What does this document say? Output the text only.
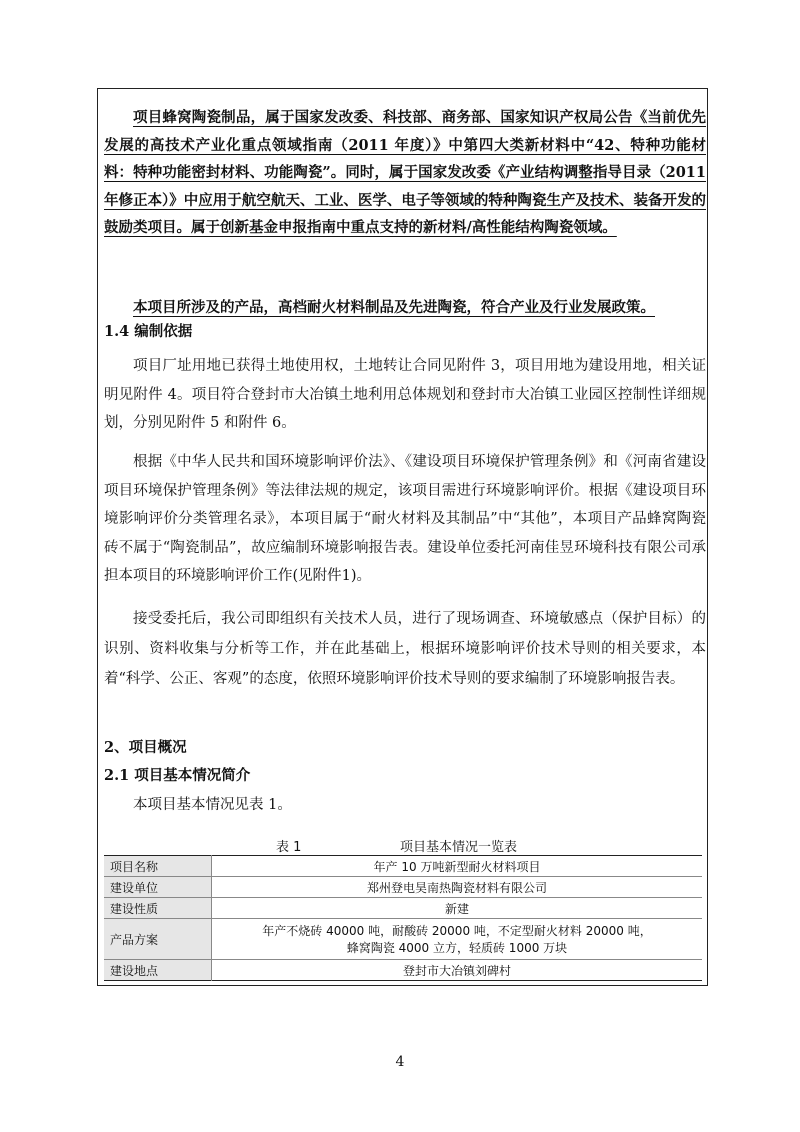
项目蜂窝陶瓷制品，属于国家发改委、科技部、商务部、国家知识产权局公告《当前优先发展的高技术产业化重点领域指南（2011 年度）》中第四大类新材料中“42、特种功能材料：特种功能密封材料、功能陶瓷”。同时，属于国家发改委《产业结构调整指导目录（2011 年修正本）》中应用于航空航天、工业、医学、电子等领域的特种陶瓷生产及技术、装备开发的鼓励类项目。属于创新基金申报指南中重点支持的新材料/高性能结构陶瓷领域。

本项目所涉及的产品，高档耐火材料制品及先进陶瓷，符合产业及行业发展政策。

1.4 编制依据

项目厂址用地已获得土地使用权，土地转让合同见附件 3，项目用地为建设用地，相关证明见附件 4。项目符合登封市大冶镇土地利用总体规划和登封市大冶镇工业园区控制性详细规划，分别见附件 5 和附件 6。

根据《中华人民共和国环境影响评价法》、《建设项目环境保护管理条例》和《河南省建设项目环境保护管理条例》等法律法规的规定，该项目需进行环境影响评价。根据《建设项目环境影响评价分类管理名录》，本项目属于“耐火材料及其制品”中“其他”，本项目产品蜂窝陶瓷砖不属于“陶瓷制品”，故应编制环境影响报告表。建设单位委托河南佳昱环境科技有限公司承担本项目的环境影响评价工作(见附件1)。

接受委托后，我公司即组织有关技术人员，进行了现场调查、环境敏感点（保护目标）的识别、资料收集与分析等工作，并在此基础上，根据环境影响评价技术导则的相关要求，本着“科学、公正、客观”的态度，依照环境影响评价技术导则的要求编制了环境影响报告表。

2、项目概况
2.1 项目基本情况简介

本项目基本情况见表 1。

表 1	项目基本情况一览表
项目名称	年产 10 万吨新型耐火材料项目
建设单位	郑州登电昊南热陶瓷材料有限公司
建设性质	新建
产品方案	年产不烧砖 40000 吨，耐酸砖 20000 吨，不定型耐火材料 20000 吨，
蜂窝陶瓷 4000 立方，轻质砖 1000 万块

建设地点	登封市大冶镇刘碑村
4
